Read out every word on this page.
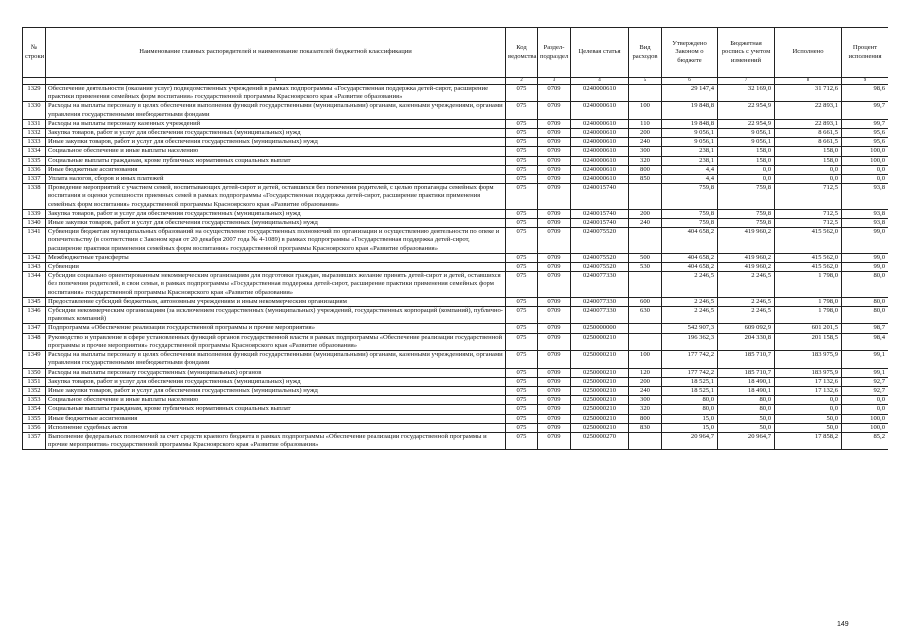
№ строки	Наименование главных распорядителей и наименование показателей бюджетной классификации	Код ведомства	Раздел-подраздел	Целевая статья	Вид расходов	Утверждено Законом о бюджете	Бюджетная роспись с учетом изменений	Исполнено	Процент исполнения
	1	2	3	4	5	6	7	8	9
1329	Обеспечение деятельности (оказание услуг) подведомственных учреждений в рамках подпрограммы «Государственная поддержка детей-сирот, расширение практики применения семейных форм воспитания» государственной программы Красноярского края «Развитие образования»	075	0709	0240000610		29 147,4	32 169,0	31 712,6	98,6
1330	Расходы на выплаты персоналу в целях обеспечения выполнения функций государственными (муниципальными) органами, казенными учреждениями, органами управления государственными внебюджетными фондами	075	0709	0240000610	100	19 848,8	22 954,9	22 893,1	99,7
1331	Расходы на выплаты персоналу казенных учреждений	075	0709	0240000610	110	19 848,8	22 954,9	22 893,1	99,7
1332	Закупка товаров, работ и услуг для обеспечения государственных (муниципальных) нужд	075	0709	0240000610	200	9 056,1	9 056,1	8 661,5	95,6
1333	Иные закупки товаров, работ и услуг для обеспечения государственных (муниципальных) нужд	075	0709	0240000610	240	9 056,1	9 056,1	8 661,5	95,6
1334	Социальное обеспечение и иные выплаты населению	075	0709	0240000610	300	238,1	158,0	158,0	100,0
1335	Социальные выплаты гражданам, кроме публичных нормативных социальных выплат	075	0709	0240000610	320	238,1	158,0	158,0	100,0
1336	Иные бюджетные ассигнования	075	0709	0240000610	800	4,4	0,0	0,0	0,0
1337	Уплата налогов, сборов и иных платежей	075	0709	0240000610	850	4,4	0,0	0,0	0,0
1338	Проведение мероприятий с участием семей, воспитывающих детей-сирот и детей, оставшихся без попечения родителей, с целью пропаганды семейных форм воспитания и оценки успешности приемных семей в рамках подпрограммы «Государственная поддержка детей-сирот, расширение практики применения семейных форм воспитания» государственной программы Красноярского края «Развитие образования»	075	0709	0240015740		759,8	759,8	712,5	93,8
1339	Закупка товаров, работ и услуг для обеспечения государственных (муниципальных) нужд	075	0709	0240015740	200	759,8	759,8	712,5	93,8
1340	Иные закупки товаров, работ и услуг для обеспечения государственных (муниципальных) нужд	075	0709	0240015740	240	759,8	759,8	712,5	93,8
1341	Субвенции бюджетам муниципальных образований на осуществление государственных полномочий по организации и осуществлению деятельности по опеке и попечительству (в соответствии с Законом края от 20 декабря 2007 года № 4-1089) в рамках подпрограммы «Государственная поддержка детей-сирот, расширение практики применения семейных форм воспитания» государственной программы Красноярского края «Развитие образования»	075	0709	0240075520		404 658,2	419 960,2	415 562,0	99,0
1342	Межбюджетные трансферты	075	0709	0240075520	500	404 658,2	419 960,2	415 562,0	99,0
1343	Субвенции	075	0709	0240075520	530	404 658,2	419 960,2	415 562,0	99,0
1344	Субсидии социально ориентированным некоммерческим организациям для подготовки граждан, выразивших желание принять детей-сирот и детей, оставшихся без попечения родителей, в свои семьи, в рамках подпрограммы «Государственная поддержка детей-сирот, расширение практики применения семейных форм воспитания» государственной программы Красноярского края «Развитие образования»	075	0709	0240077330		2 246,5	2 246,5	1 798,0	80,0
1345	Предоставление субсидий бюджетным, автономным учреждениям и иным некоммерческим организациям	075	0709	0240077330	600	2 246,5	2 246,5	1 798,0	80,0
1346	Субсидии некоммерческим организациям (за исключением государственных (муниципальных) учреждений, государственных корпораций (компаний), публично-правовых компаний)	075	0709	0240077330	630	2 246,5	2 246,5	1 798,0	80,0
1347	Подпрограмма «Обеспечение реализации государственной программы и прочие мероприятия»	075	0709	0250000000		542 907,3	609 092,9	601 201,5	98,7
1348	Руководство и управление в сфере установленных функций органов государственной власти в рамках подпрограммы «Обеспечение реализации государственной программы и прочие мероприятия» государственной программы Красноярского края «Развитие образования»	075	0709	0250000210		196 362,3	204 330,8	201 158,5	98,4
1349	Расходы на выплаты персоналу в целях обеспечения выполнения функций государственными (муниципальными) органами, казенными учреждениями, органами управления государственными внебюджетными фондами	075	0709	0250000210	100	177 742,2	185 710,7	183 975,9	99,1
1350	Расходы на выплаты персоналу государственных (муниципальных) органов	075	0709	0250000210	120	177 742,2	185 710,7	183 975,9	99,1
1351	Закупка товаров, работ и услуг для обеспечения государственных (муниципальных) нужд	075	0709	0250000210	200	18 525,1	18 490,1	17 132,6	92,7
1352	Иные закупки товаров, работ и услуг для обеспечения государственных (муниципальных) нужд	075	0709	0250000210	240	18 525,1	18 490,1	17 132,6	92,7
1353	Социальное обеспечение и иные выплаты населению	075	0709	0250000210	300	80,0	80,0	0,0	0,0
1354	Социальные выплаты гражданам, кроме публичных нормативных социальных выплат	075	0709	0250000210	320	80,0	80,0	0,0	0,0
1355	Иные бюджетные ассигнования	075	0709	0250000210	800	15,0	50,0	50,0	100,0
1356	Исполнение судебных актов	075	0709	0250000210	830	15,0	50,0	50,0	100,0
1357	Выполнение федеральных полномочий за счет средств краевого бюджета в рамках подпрограммы «Обеспечение реализации государственной программы и прочие мероприятия» государственной программы Красноярского края «Развитие образования»	075	0709	0250000270		20 964,7	20 964,7	17 858,2	85,2
149
